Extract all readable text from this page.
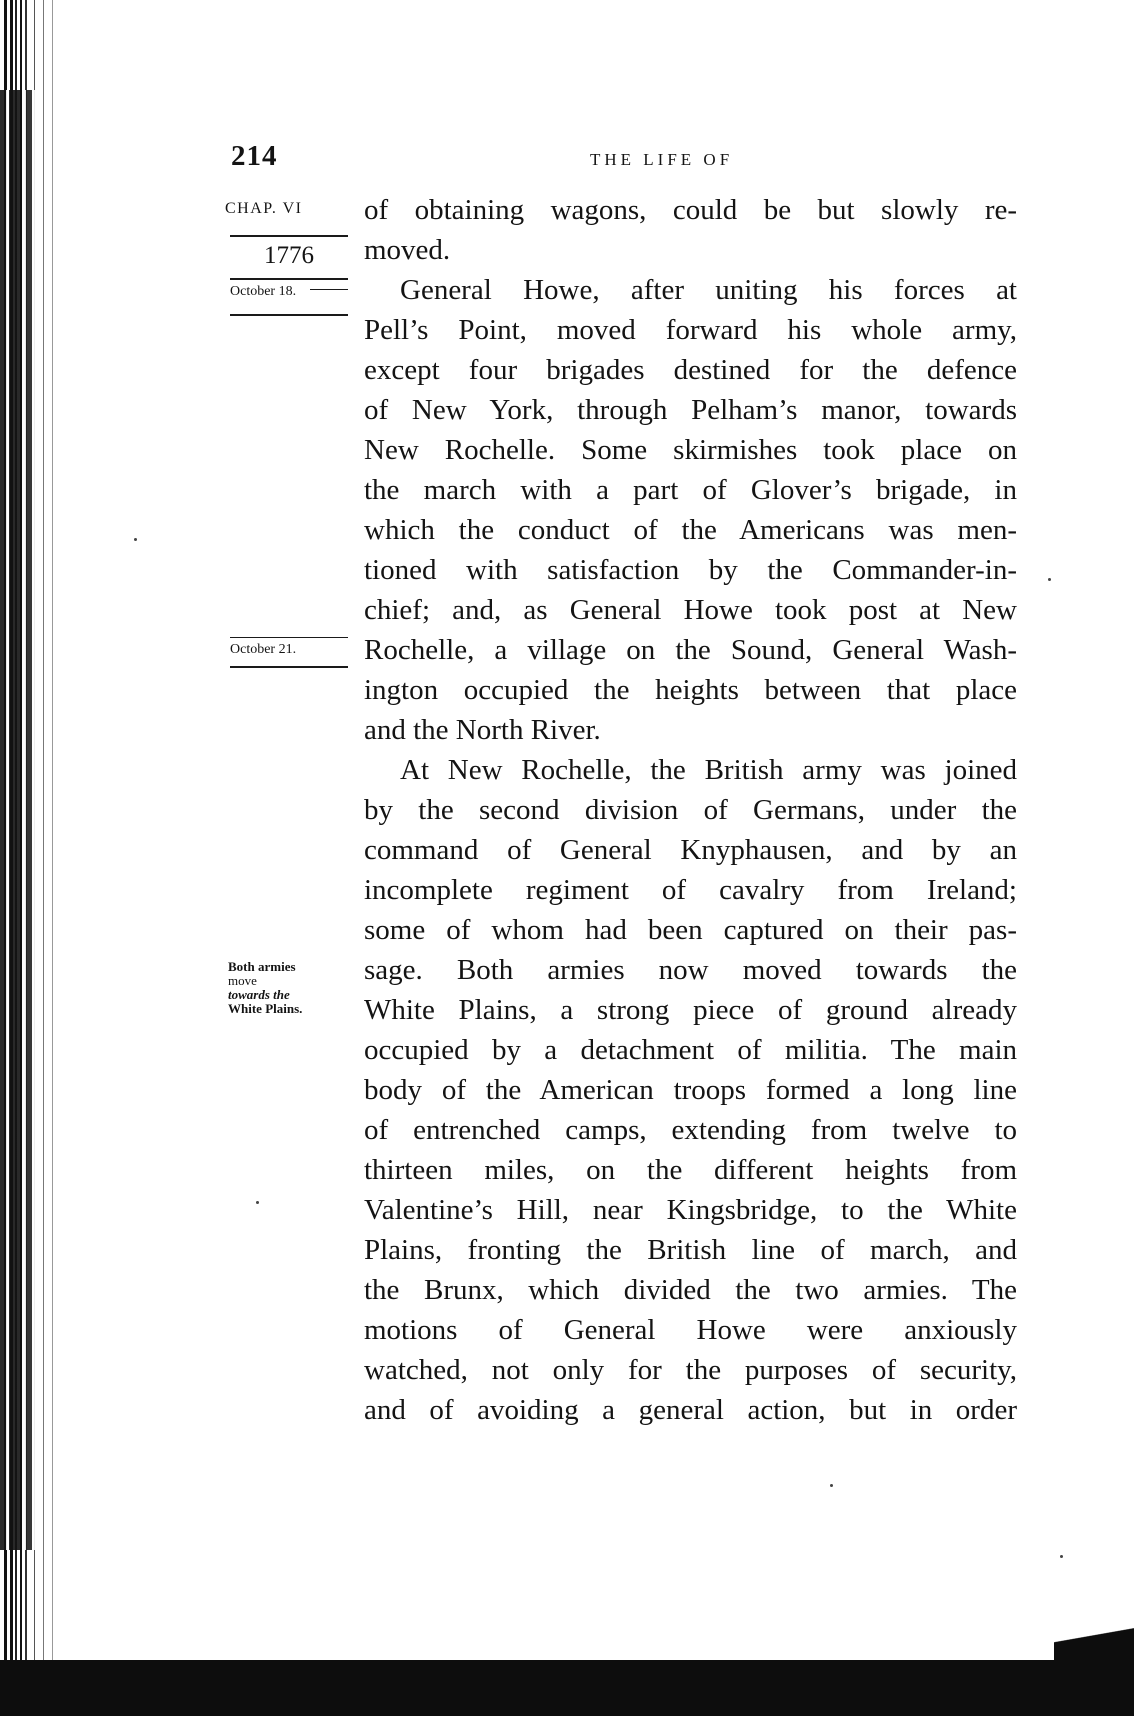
214	THE LIFE OF
CHAP. VI
1776
October 18.
October 21.
Both armies
move
towards the
White Plains.
of obtaining wagons, could be but slowly re-
moved.
General Howe, after uniting his forces at
Pell’s Point, moved forward his whole army,
except four brigades destined for the defence
of New York, through Pelham’s manor, towards
New Rochelle. Some skirmishes took place on
the march with a part of Glover’s brigade, in
which the conduct of the Americans was men-
tioned with satisfaction by the Commander-in-
chief; and, as General Howe took post at New
Rochelle, a village on the Sound, General Wash-
ington occupied the heights between that place
and the North River.
At New Rochelle, the British army was joined
by the second division of Germans, under the
command of General Knyphausen, and by an
incomplete regiment of cavalry from Ireland;
some of whom had been captured on their pas-
sage. Both armies now moved towards the
White Plains, a strong piece of ground already
occupied by a detachment of militia. The main
body of the American troops formed a long line
of entrenched camps, extending from twelve to
thirteen miles, on the different heights from
Valentine’s Hill, near Kingsbridge, to the White
Plains, fronting the British line of march, and
the Brunx, which divided the two armies. The
motions of General Howe were anxiously
watched, not only for the purposes of security,
and of avoiding a general action, but in order
